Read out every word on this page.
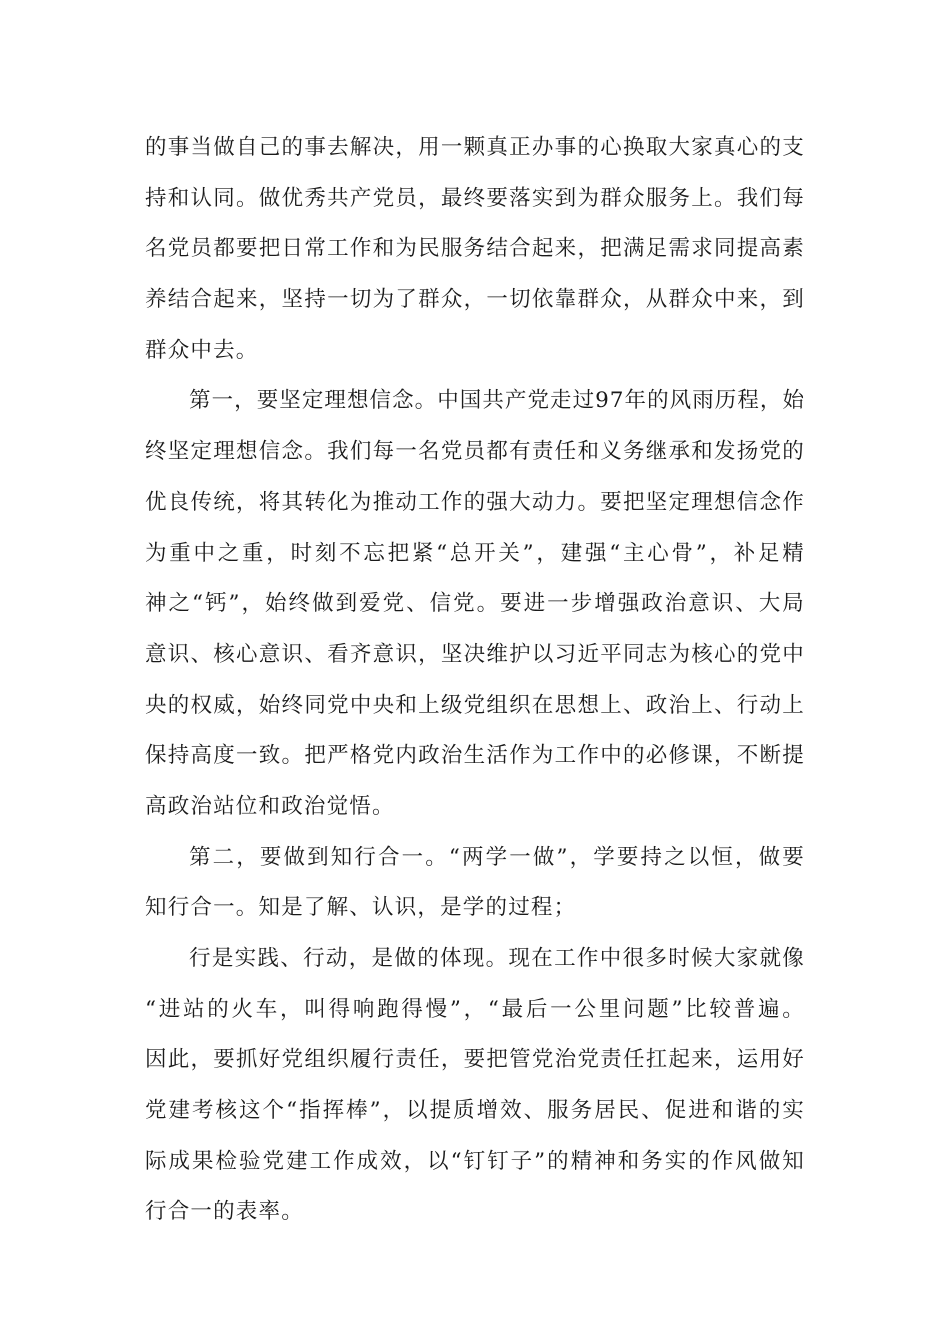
的事当做自己的事去解决，用一颗真正办事的心换取大家真心的支
持和认同。做优秀共产党员，最终要落实到为群众服务上。我们每
名党员都要把日常工作和为民服务结合起来，把满足需求同提高素
养结合起来，坚持一切为了群众，一切依靠群众，从群众中来，到
群众中去。
第一，要坚定理想信念。中国共产党走过97年的风雨历程，始
终坚定理想信念。我们每一名党员都有责任和义务继承和发扬党的
优良传统，将其转化为推动工作的强大动力。要把坚定理想信念作
为重中之重，时刻不忘把紧“总开关”，建强“主心骨”，补足精
神之“钙”，始终做到爱党、信党。要进一步增强政治意识、大局
意识、核心意识、看齐意识，坚决维护以习近平同志为核心的党中
央的权威，始终同党中央和上级党组织在思想上、政治上、行动上
保持高度一致。把严格党内政治生活作为工作中的必修课，不断提
高政治站位和政治觉悟。
第二，要做到知行合一。“两学一做”，学要持之以恒，做要
知行合一。知是了解、认识，是学的过程；
行是实践、行动，是做的体现。现在工作中很多时候大家就像
“进站的火车，叫得响跑得慢”，“最后一公里问题”比较普遍。
因此，要抓好党组织履行责任，要把管党治党责任扛起来，运用好
党建考核这个“指挥棒”，以提质增效、服务居民、促进和谐的实
际成果检验党建工作成效，以“钉钉子”的精神和务实的作风做知
行合一的表率。
